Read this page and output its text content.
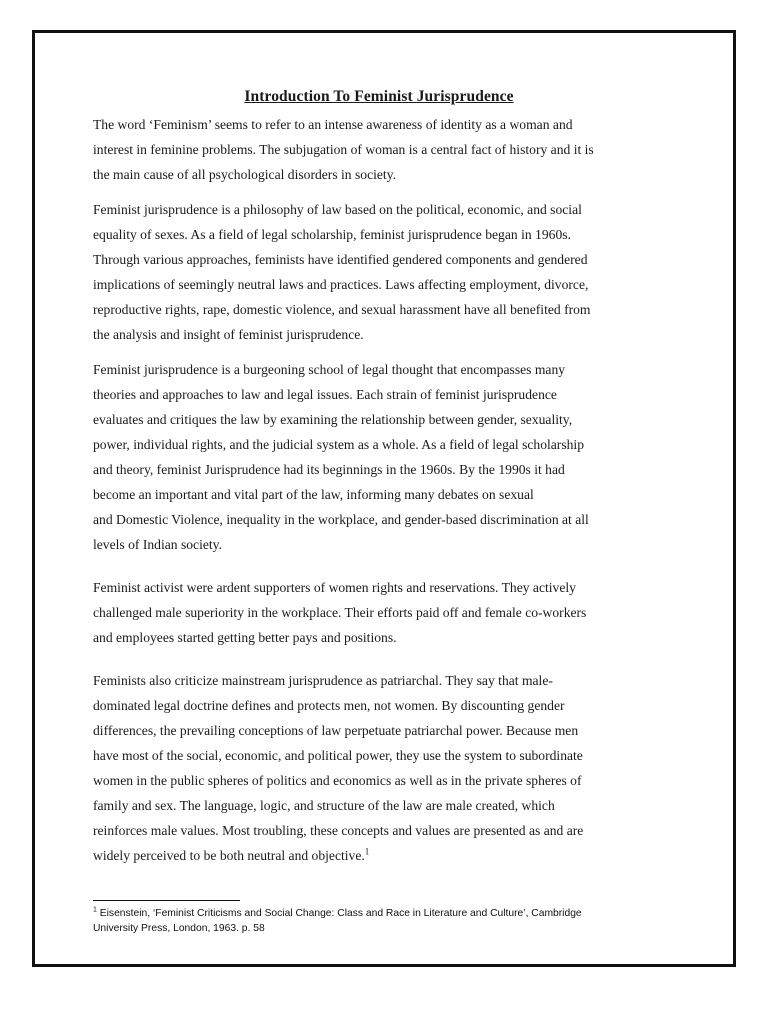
Introduction To Feminist Jurisprudence

The word ‘Feminism’ seems to refer to an intense awareness of identity as a woman and
interest in feminine problems. The subjugation of woman is a central fact of history and it is
the main cause of all psychological disorders in society.

Feminist jurisprudence is a philosophy of law based on the political, economic, and social
equality of sexes. As a field of legal scholarship, feminist jurisprudence began in 1960s.
Through various approaches, feminists have identified gendered components and gendered
implications of seemingly neutral laws and practices. Laws affecting employment, divorce,
reproductive rights, rape, domestic violence, and sexual harassment have all benefited from
the analysis and insight of feminist jurisprudence.

Feminist jurisprudence is a burgeoning school of legal thought that encompasses many
theories and approaches to law and legal issues. Each strain of feminist jurisprudence
evaluates and critiques the law by examining the relationship between gender, sexuality,
power, individual rights, and the judicial system as a whole. As a field of legal scholarship
and theory, feminist Jurisprudence had its beginnings in the 1960s. By the 1990s it had
become an important and vital part of the law, informing many debates on sexual
and Domestic Violence, inequality in the workplace, and gender-based discrimination at all
levels of Indian society.

Feminist activist were ardent supporters of women rights and reservations. They actively
challenged male superiority in the workplace. Their efforts paid off and female co-workers
and employees started getting better pays and positions.

Feminists also criticize mainstream jurisprudence as patriarchal. They say that male-
dominated legal doctrine defines and protects men, not women. By discounting gender
differences, the prevailing conceptions of law perpetuate patriarchal power. Because men
have most of the social, economic, and political power, they use the system to subordinate
women in the public spheres of politics and economics as well as in the private spheres of
family and sex. The language, logic, and structure of the law are male created, which
reinforces male values. Most troubling, these concepts and values are presented as and are
widely perceived to be both neutral and objective.$^1$

$^1$ Eisenstein, ‘Feminist Criticisms and Social Change: Class and Race in Literature and Culture’, Cambridge
University Press, London, 1963. p. 58
